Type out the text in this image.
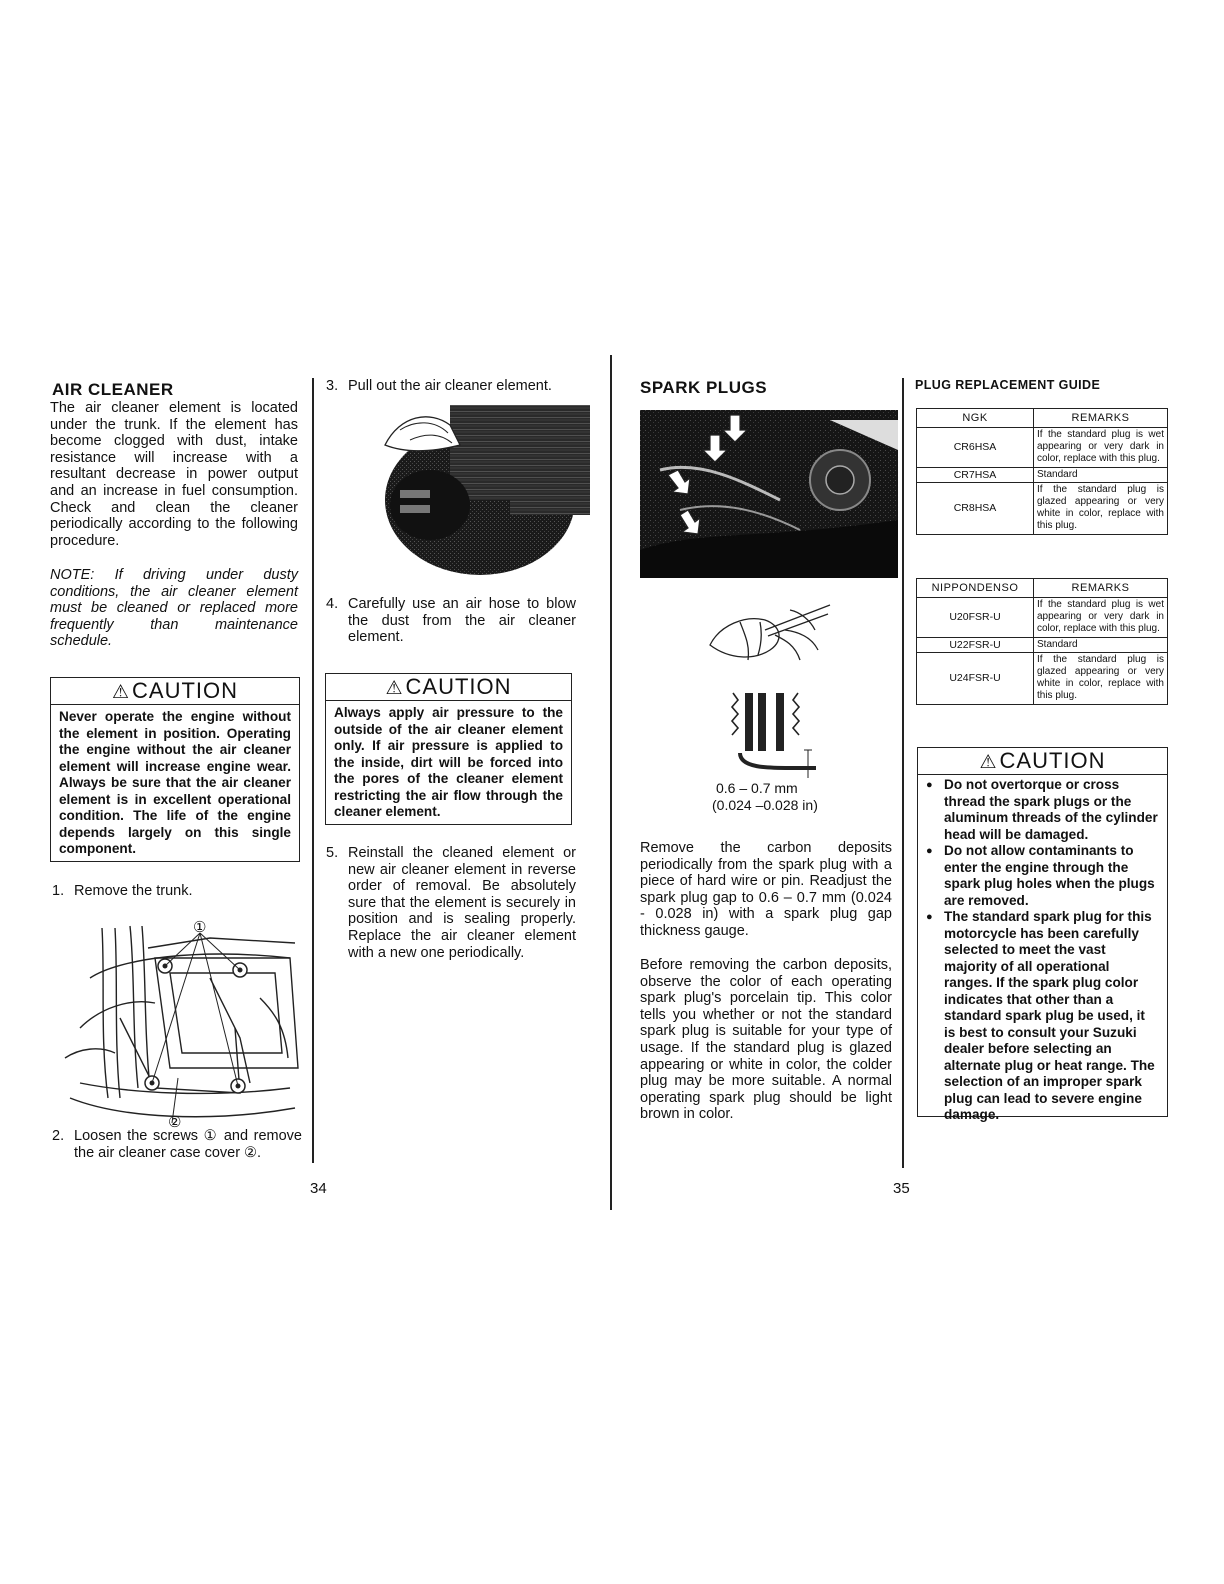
AIR CLEANER
The air cleaner element is located under the trunk. If the element has become clogged with dust, intake resistance will increase with a resultant decrease in power output and an increase in fuel consumption. Check and clean the cleaner periodically according to the following procedure.
NOTE: If driving under dusty conditions, the air cleaner element must be cleaned or replaced more frequently than maintenance schedule.
⚠CAUTION
Never operate the engine without the element in position. Operating the engine without the air cleaner element will increase engine wear. Always be sure that the air cleaner element is in excellent operational condition. The life of the engine depends largely on this single component.
1. Remove the trunk.
①
②
2. Loosen the screws ① and remove the air cleaner case cover ②.
3. Pull out the air cleaner element.
4. Carefully use an air hose to blow the dust from the air cleaner element.
⚠CAUTION
Always apply air pressure to the outside of the air cleaner element only. If air pressure is applied to the inside, dirt will be forced into the pores of the cleaner element restricting the air flow through the cleaner element.
5. Reinstall the cleaned element or new air cleaner element in reverse order of removal. Be absolutely sure that the element is securely in position and is sealing properly. Replace the air cleaner element with a new one periodically.
34
SPARK PLUGS
0.6 – 0.7 mm
(0.024 –0.028 in)
Remove the carbon deposits periodically from the spark plug with a piece of hard wire or pin. Readjust the spark plug gap to 0.6 – 0.7 mm (0.024 - 0.028 in) with a spark plug gap thickness gauge.
Before removing the carbon deposits, observe the color of each operating spark plug's porcelain tip. This color tells you whether or not the standard spark plug is suitable for your type of usage. If the standard plug is glazed appearing or white in color, the colder plug may be more suitable. A normal operating spark plug should be light brown in color.
PLUG REPLACEMENT GUIDE
NGK	REMARKS
CR6HSA	If the standard plug is wet appearing or very dark in color, replace with this plug.
CR7HSA	Standard
CR8HSA	If the standard plug is glazed appearing or very white in color, replace with this plug.
NIPPONDENSO	REMARKS
U20FSR-U	If the standard plug is wet appearing or very dark in color, replace with this plug.
U22FSR-U	Standard
U24FSR-U	If the standard plug is glazed appearing or very white in color, replace with this plug.
⚠CAUTION
● Do not overtorque or cross thread the spark plugs or the aluminum threads of the cylinder head will be damaged.
● Do not allow contaminants to enter the engine through the spark plug holes when the plugs are removed.
● The standard spark plug for this motorcycle has been carefully selected to meet the vast majority of all operational ranges. If the spark plug color indicates that other than a standard spark plug be used, it is best to consult your Suzuki dealer before selecting an alternate plug or heat range. The selection of an improper spark plug can lead to severe engine damage.
35
